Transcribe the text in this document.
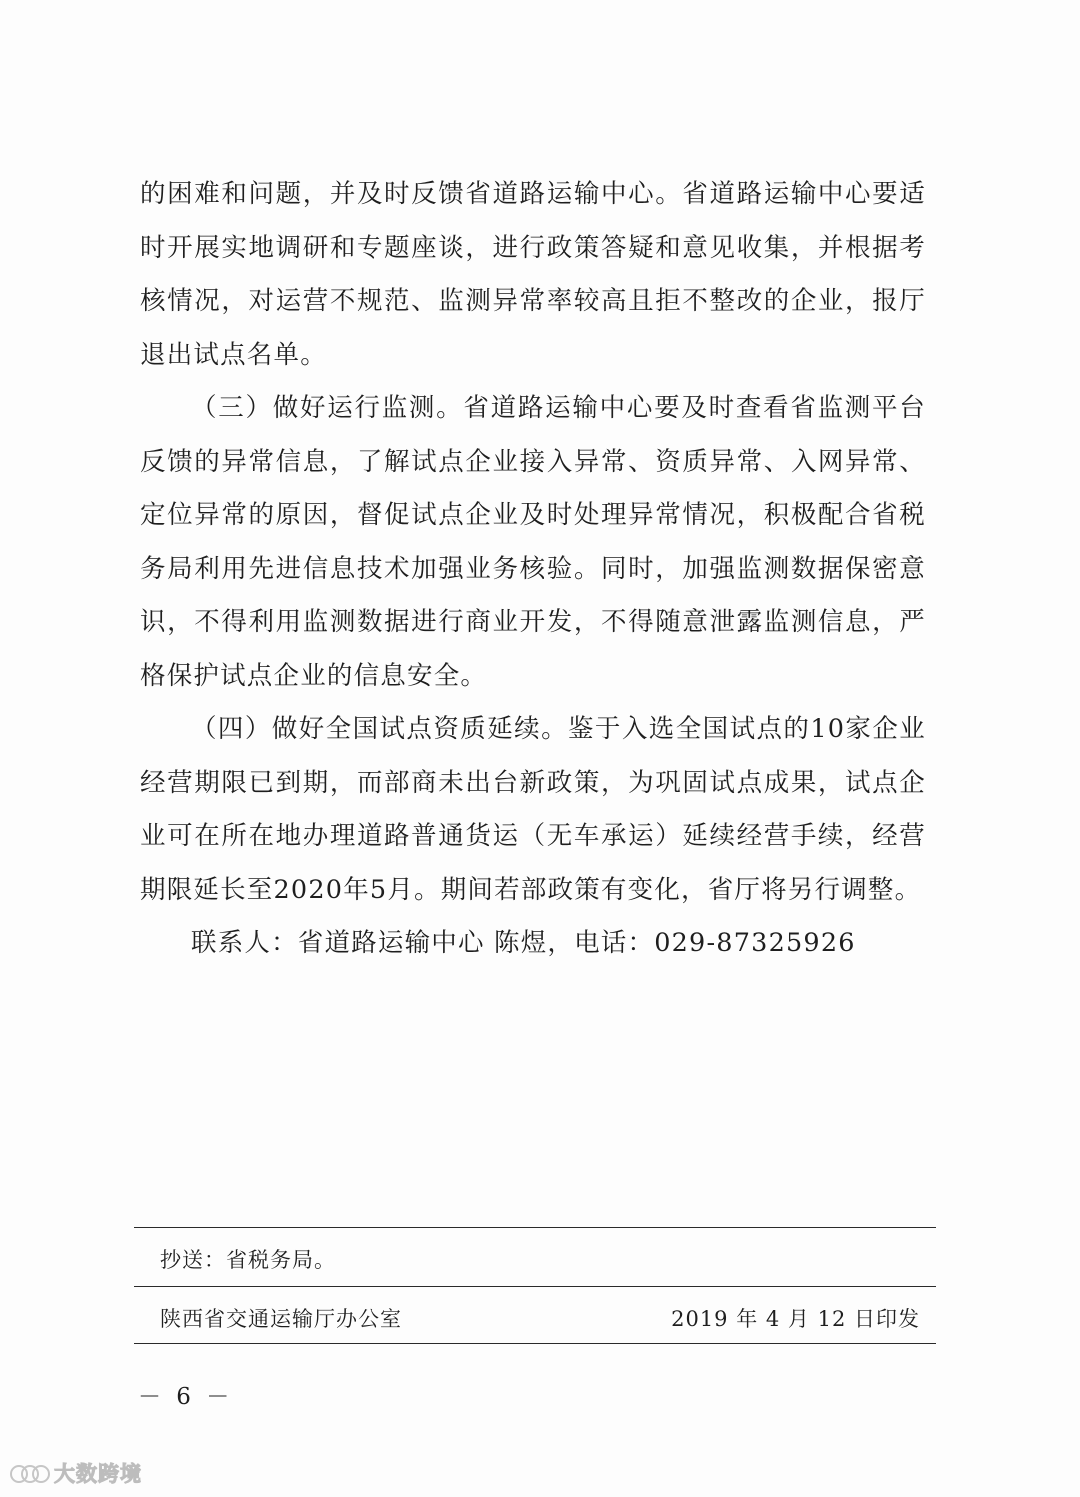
的困难和问题，并及时反馈省道路运输中心。省道路运输中心要适时开展实地调研和专题座谈，进行政策答疑和意见收集，并根据考核情况，对运营不规范、监测异常率较高且拒不整改的企业，报厅退出试点名单。

（三）做好运行监测。省道路运输中心要及时查看省监测平台反馈的异常信息，了解试点企业接入异常、资质异常、入网异常、定位异常的原因，督促试点企业及时处理异常情况，积极配合省税务局利用先进信息技术加强业务核验。同时，加强监测数据保密意识，不得利用监测数据进行商业开发，不得随意泄露监测信息，严格保护试点企业的信息安全。

（四）做好全国试点资质延续。鉴于入选全国试点的10家企业经营期限已到期，而部商未出台新政策，为巩固试点成果，试点企业可在所在地办理道路普通货运（无车承运）延续经营手续，经营期限延长至2020年5月。期间若部政策有变化，省厅将另行调整。

联系人：省道路运输中心 陈煜，电话：029-87325926

抄送：省税务局。
陕西省交通运输厅办公室	2019 年 4 月 12 日印发
－ 6 －
大数跨境
